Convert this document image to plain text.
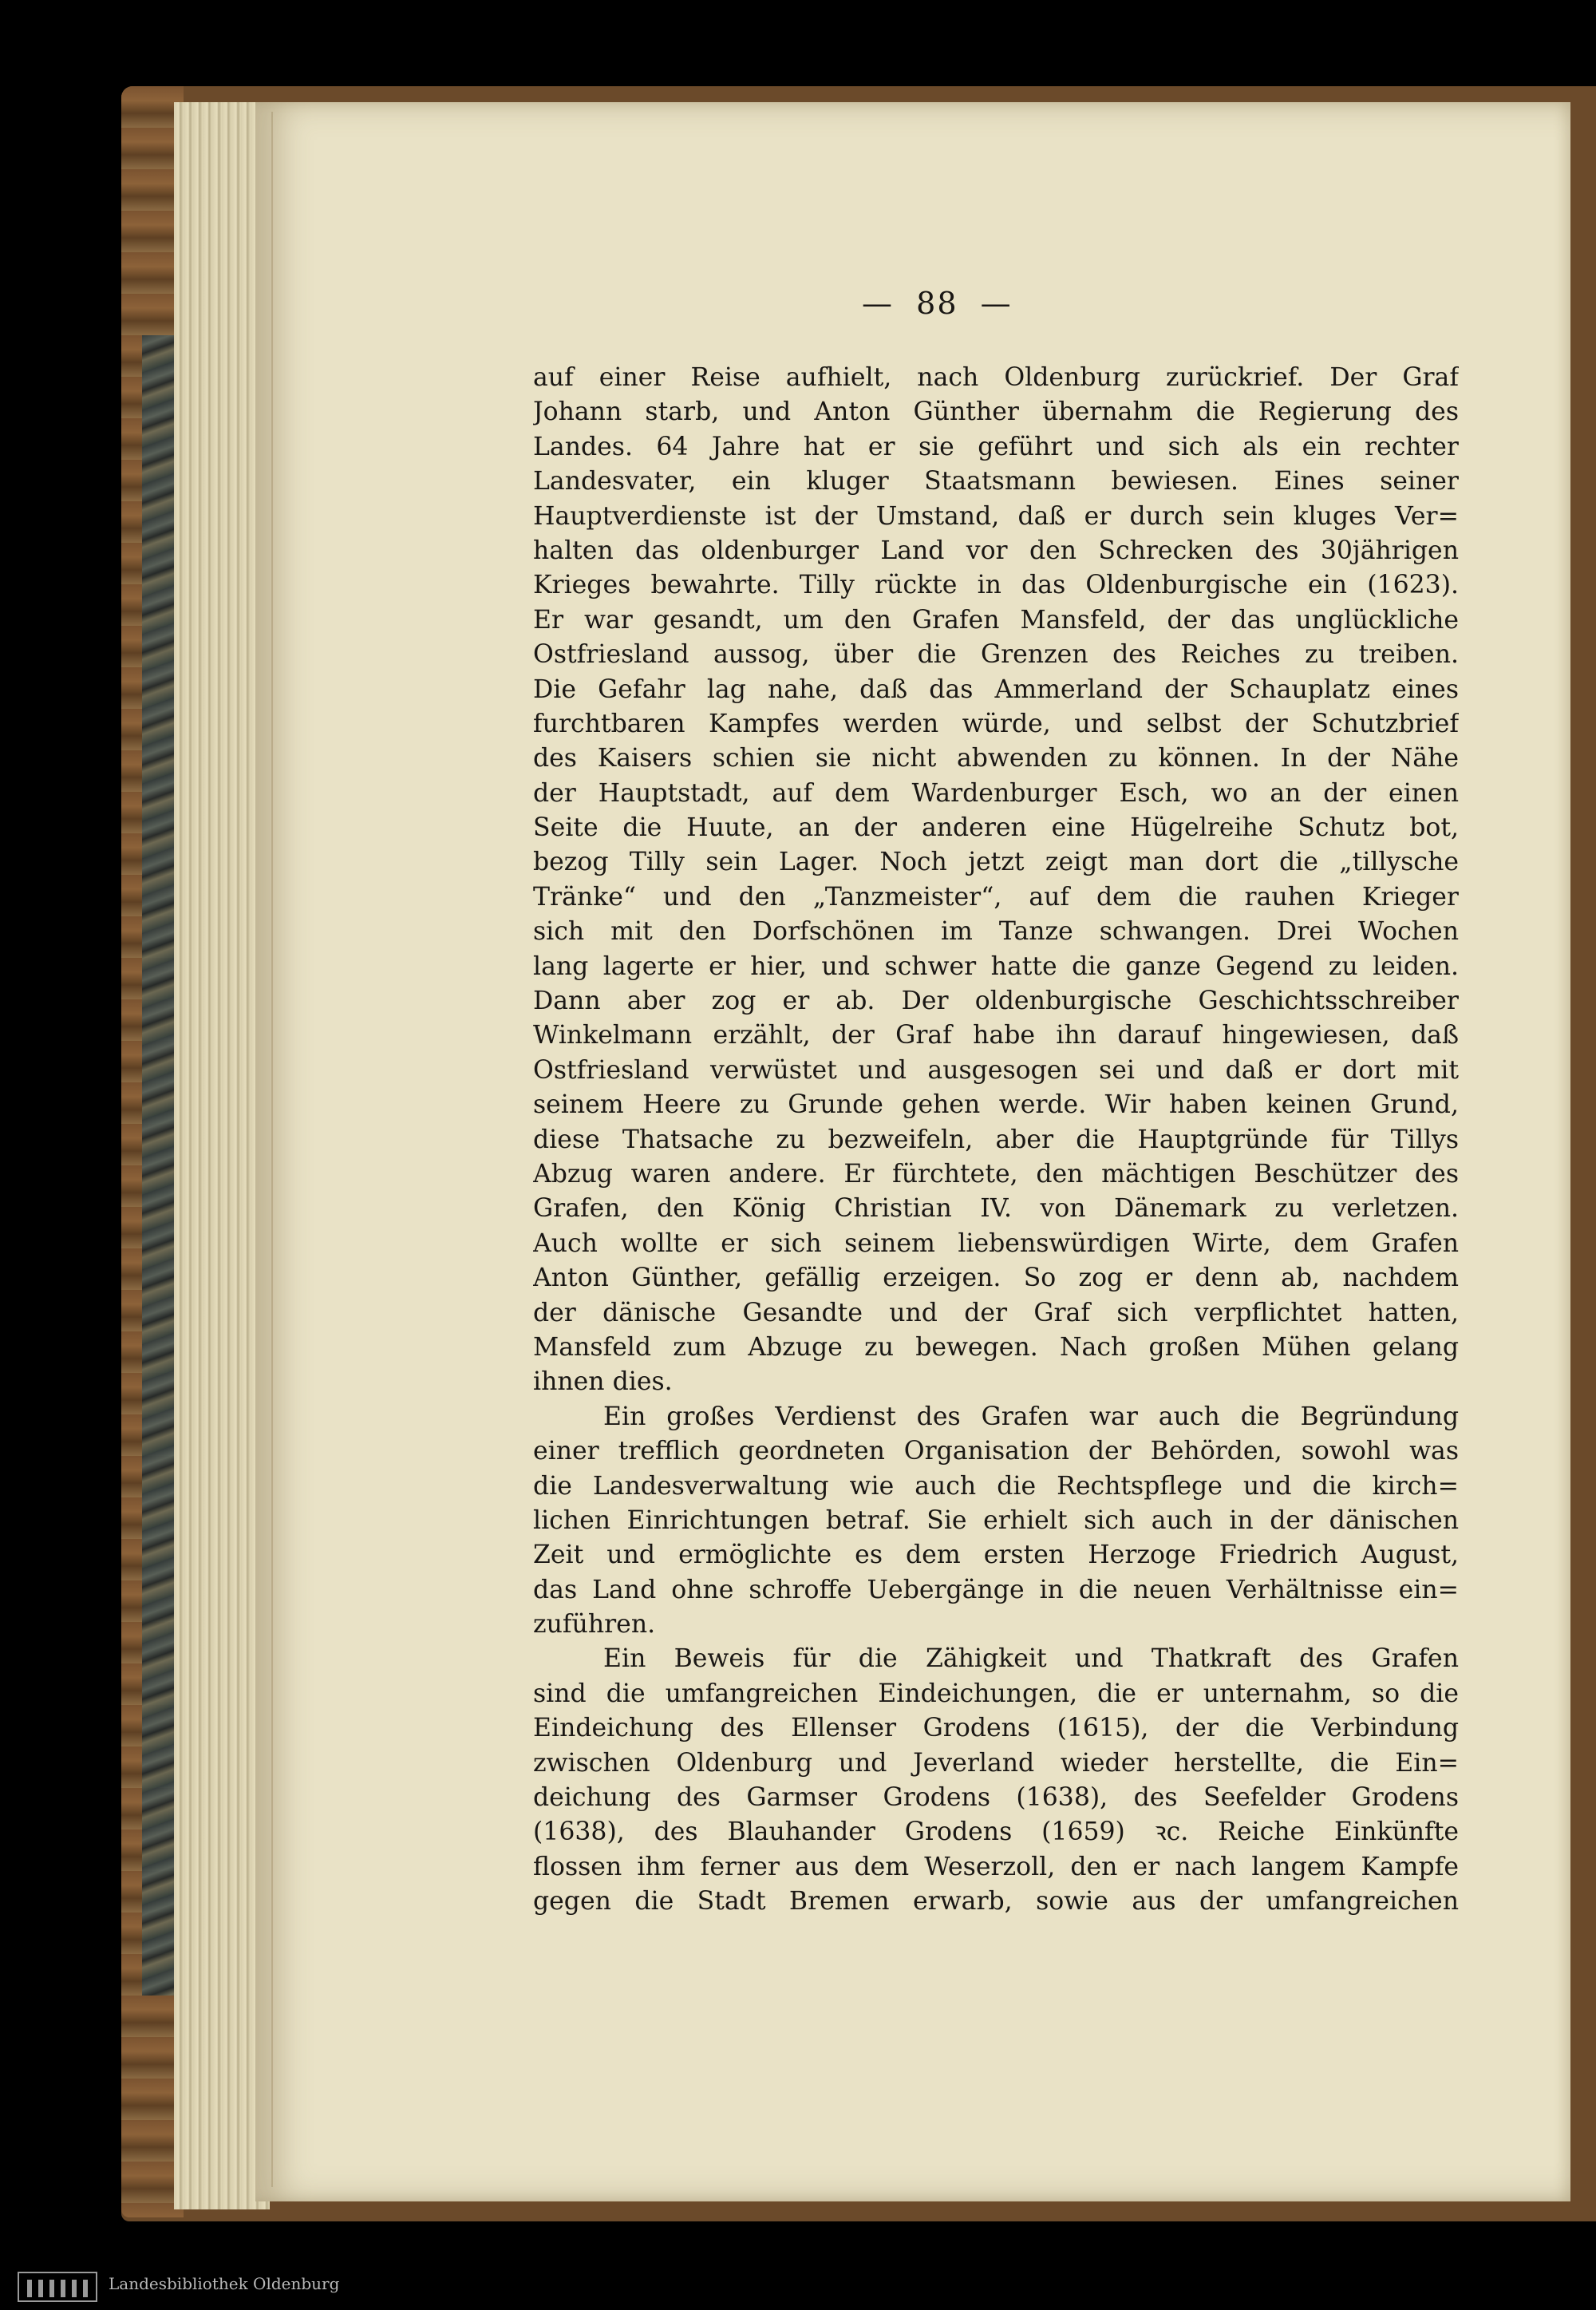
—  88  —
auf einer Reise aufhielt, nach Oldenburg zurückrief. Der Graf
Johann starb, und Anton Günther übernahm die Regierung des
Landes. 64 Jahre hat er sie geführt und sich als ein rechter
Landesvater, ein kluger Staatsmann bewiesen. Eines seiner
Hauptverdienste ist der Umstand, daß er durch sein kluges Ver=
halten das oldenburger Land vor den Schrecken des 30jährigen
Krieges bewahrte. Tilly rückte in das Oldenburgische ein (1623).
Er war gesandt, um den Grafen Mansfeld, der das unglückliche
Ostfriesland aussog, über die Grenzen des Reiches zu treiben.
Die Gefahr lag nahe, daß das Ammerland der Schauplatz eines
furchtbaren Kampfes werden würde, und selbst der Schutzbrief
des Kaisers schien sie nicht abwenden zu können. In der Nähe
der Hauptstadt, auf dem Wardenburger Esch, wo an der einen
Seite die Huute, an der anderen eine Hügelreihe Schutz bot,
bezog Tilly sein Lager. Noch jetzt zeigt man dort die „tillysche
Tränke“ und den „Tanzmeister“, auf dem die rauhen Krieger
sich mit den Dorfschönen im Tanze schwangen. Drei Wochen
lang lagerte er hier, und schwer hatte die ganze Gegend zu leiden.
Dann aber zog er ab. Der oldenburgische Geschichtsschreiber
Winkelmann erzählt, der Graf habe ihn darauf hingewiesen, daß
Ostfriesland verwüstet und ausgesogen sei und daß er dort mit
seinem Heere zu Grunde gehen werde. Wir haben keinen Grund,
diese Thatsache zu bezweifeln, aber die Hauptgründe für Tillys
Abzug waren andere. Er fürchtete, den mächtigen Beschützer des
Grafen, den König Christian IV. von Dänemark zu verletzen.
Auch wollte er sich seinem liebenswürdigen Wirte, dem Grafen
Anton Günther, gefällig erzeigen. So zog er denn ab, nachdem
der dänische Gesandte und der Graf sich verpflichtet hatten,
Mansfeld zum Abzuge zu bewegen. Nach großen Mühen gelang
ihnen dies.
Ein großes Verdienst des Grafen war auch die Begründung
einer trefflich geordneten Organisation der Behörden, sowohl was
die Landesverwaltung wie auch die Rechtspflege und die kirch=
lichen Einrichtungen betraf. Sie erhielt sich auch in der dänischen
Zeit und ermöglichte es dem ersten Herzoge Friedrich August,
das Land ohne schroffe Uebergänge in die neuen Verhältnisse ein=
zuführen.
Ein Beweis für die Zähigkeit und Thatkraft des Grafen
sind die umfangreichen Eindeichungen, die er unternahm, so die
Eindeichung des Ellenser Grodens (1615), der die Verbindung
zwischen Oldenburg und Jeverland wieder herstellte, die Ein=
deichung des Garmser Grodens (1638), des Seefelder Grodens
(1638), des Blauhander Grodens (1659) ꝛc. Reiche Einkünfte
flossen ihm ferner aus dem Weserzoll, den er nach langem Kampfe
gegen die Stadt Bremen erwarb, sowie aus der umfangreichen
Landesbibliothek Oldenburg
